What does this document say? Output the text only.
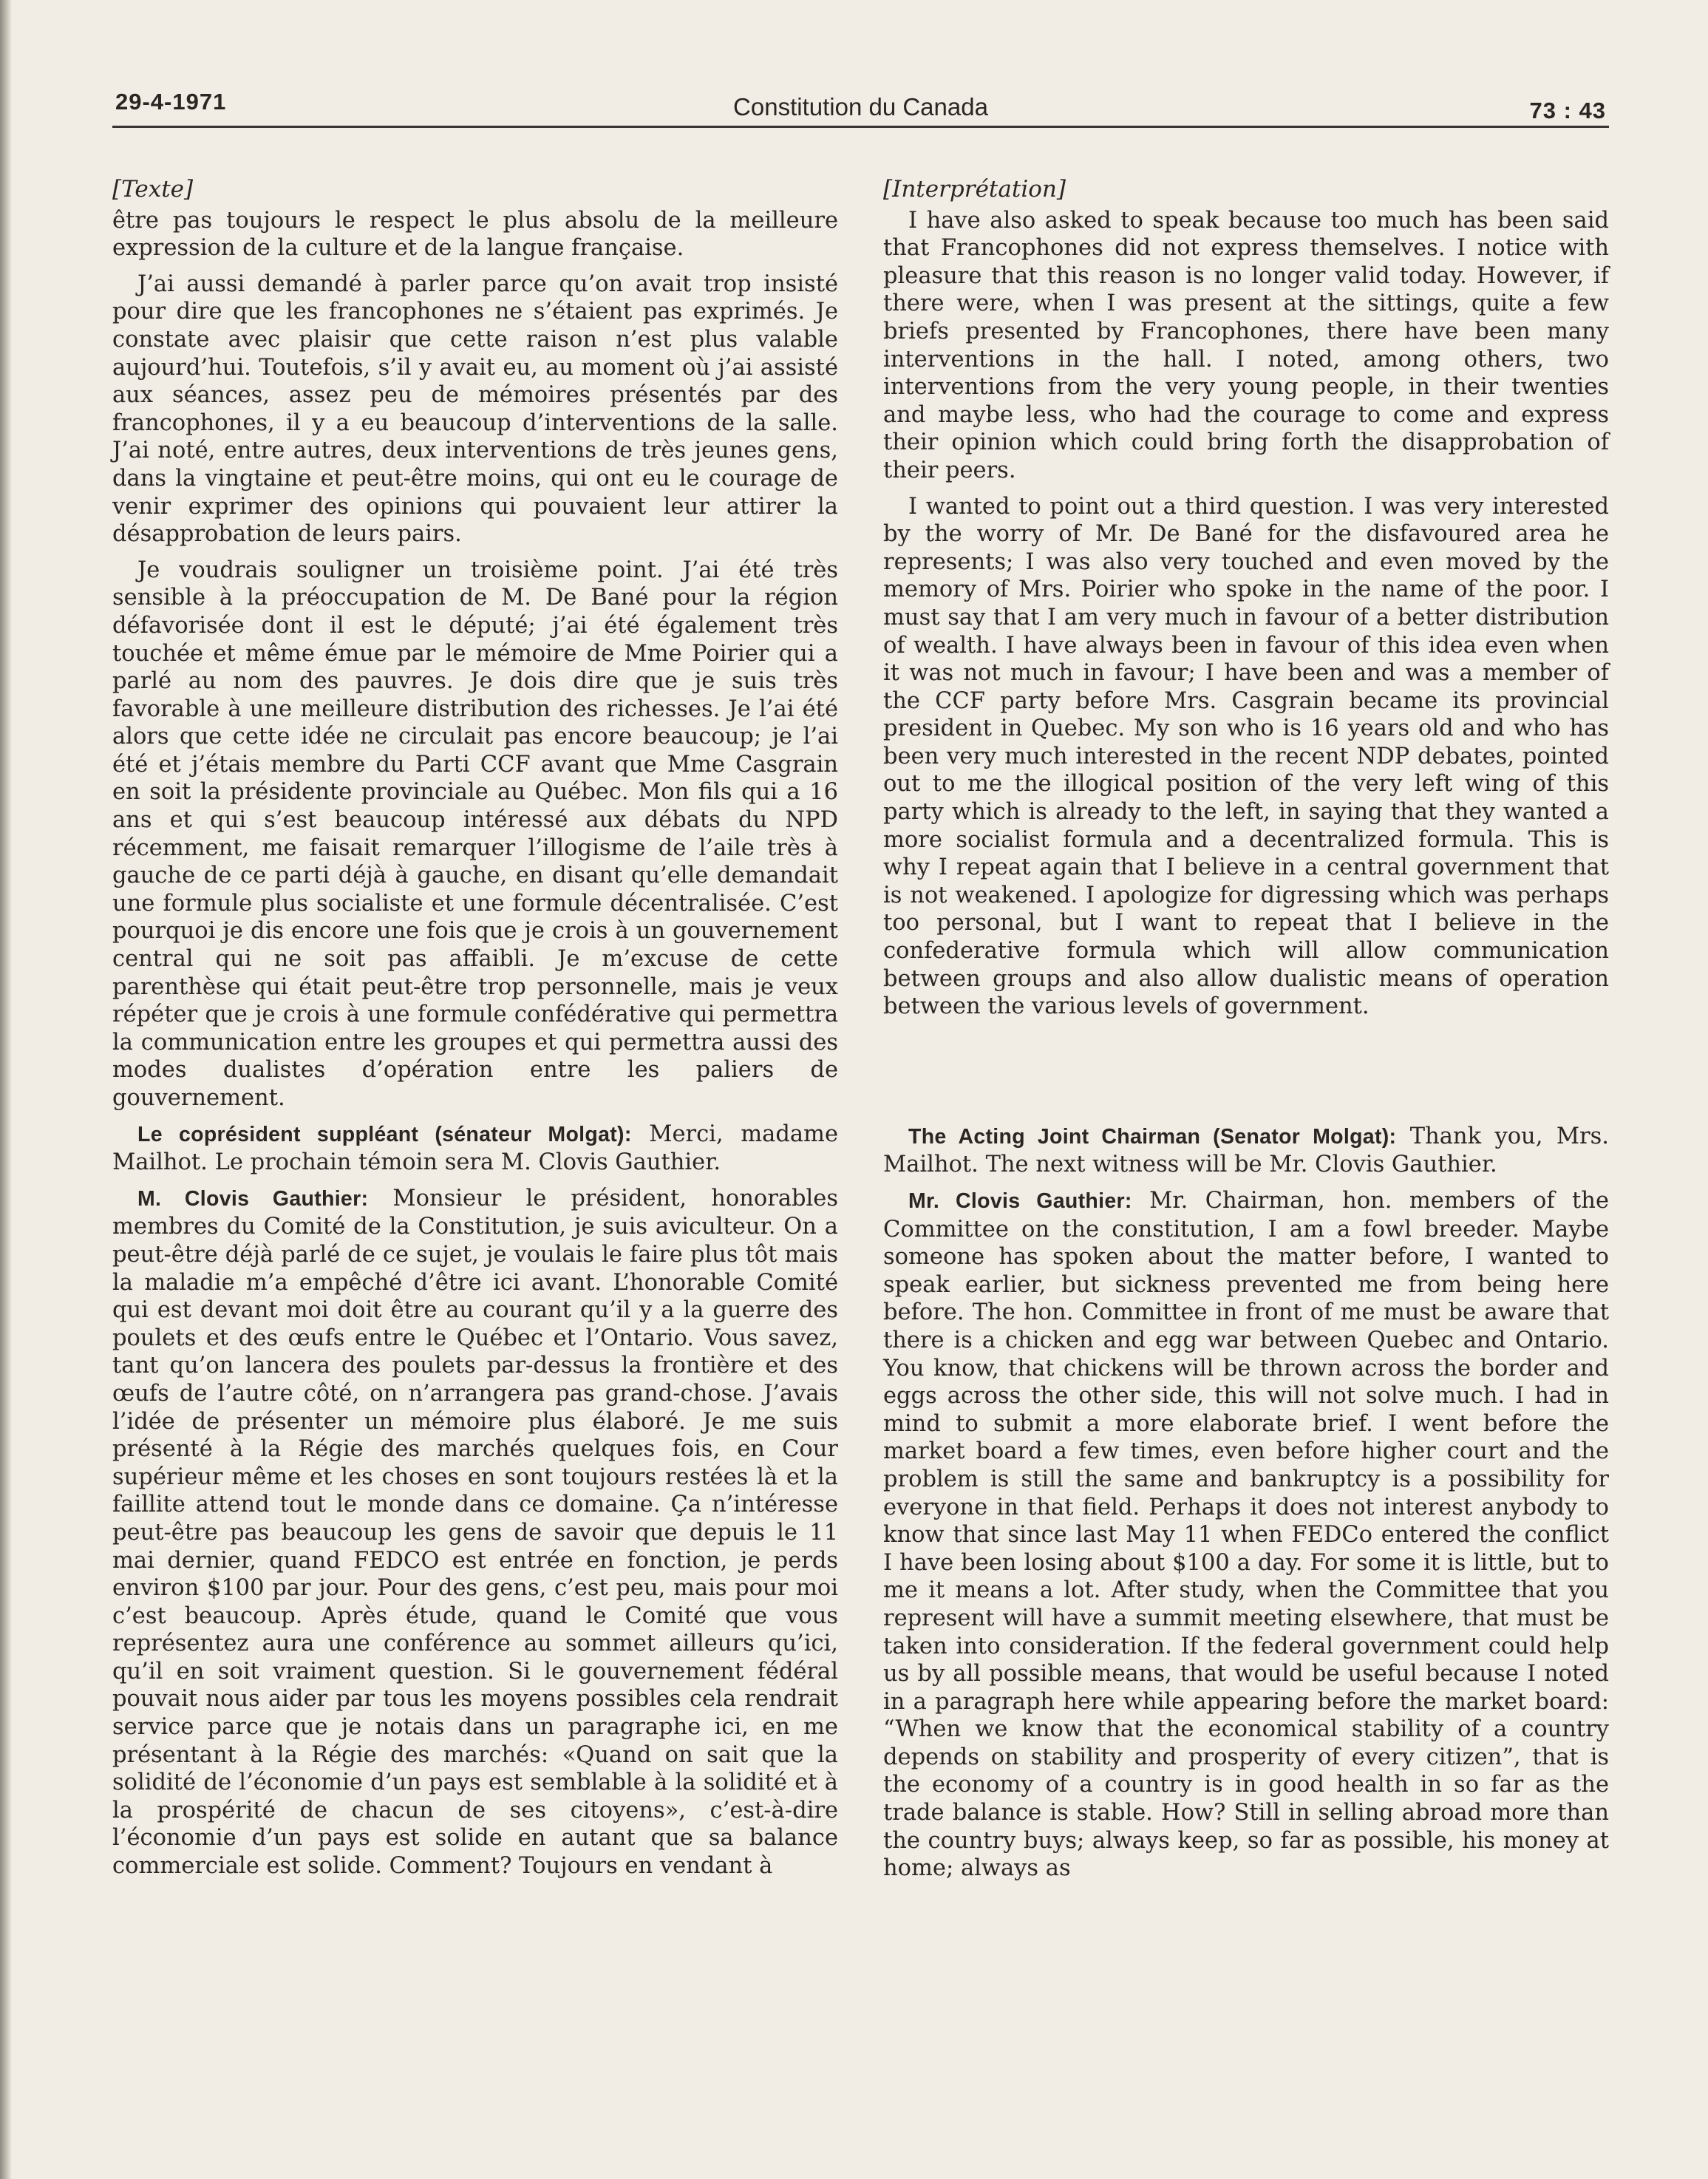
29-4-1971	Constitution du Canada	73 : 43
[Texte]

être pas toujours le respect le plus absolu de la meilleure expression de la culture et de la langue française.

J’ai aussi demandé à parler parce qu’on avait trop insisté pour dire que les francophones ne s’étaient pas exprimés. Je constate avec plaisir que cette raison n’est plus valable aujourd’hui. Toutefois, s’il y avait eu, au moment où j’ai assisté aux séances, assez peu de mémoires présentés par des francophones, il y a eu beaucoup d’interventions de la salle. J’ai noté, entre autres, deux interventions de très jeunes gens, dans la vingtaine et peut-être moins, qui ont eu le courage de venir exprimer des opinions qui pouvaient leur attirer la désapprobation de leurs pairs.

Je voudrais souligner un troisième point. J’ai été très sensible à la préoccupation de M. De Bané pour la région défavorisée dont il est le député; j’ai été également très touchée et même émue par le mémoire de Mme Poirier qui a parlé au nom des pauvres. Je dois dire que je suis très favorable à une meilleure distribution des richesses. Je l’ai été alors que cette idée ne circulait pas encore beaucoup; je l’ai été et j’étais membre du Parti CCF avant que Mme Casgrain en soit la présidente provinciale au Québec. Mon fils qui a 16 ans et qui s’est beaucoup intéressé aux débats du NPD récemment, me faisait remarquer l’illogisme de l’aile très à gauche de ce parti déjà à gauche, en disant qu’elle demandait une formule plus socialiste et une formule décentralisée. C’est pourquoi je dis encore une fois que je crois à un gouvernement central qui ne soit pas affaibli. Je m’excuse de cette parenthèse qui était peut-être trop personnelle, mais je veux répéter que je crois à une formule confédérative qui permettra la communication entre les groupes et qui permettra aussi des modes dualistes d’opération entre les paliers de gouvernement.

Le coprésident suppléant (sénateur Molgat): Merci, madame Mailhot. Le prochain témoin sera M. Clovis Gauthier.

M. Clovis Gauthier: Monsieur le président, honorables membres du Comité de la Constitution, je suis aviculteur. On a peut-être déjà parlé de ce sujet, je voulais le faire plus tôt mais la maladie m’a empêché d’être ici avant. L’honorable Comité qui est devant moi doit être au courant qu’il y a la guerre des poulets et des œufs entre le Québec et l’Ontario. Vous savez, tant qu’on lancera des poulets par-dessus la frontière et des œufs de l’autre côté, on n’arrangera pas grand-chose. J’avais l’idée de présenter un mémoire plus élaboré. Je me suis présenté à la Régie des marchés quelques fois, en Cour supérieur même et les choses en sont toujours restées là et la faillite attend tout le monde dans ce domaine. Ça n’intéresse peut-être pas beaucoup les gens de savoir que depuis le 11 mai dernier, quand FEDCO est entrée en fonction, je perds environ $100 par jour. Pour des gens, c’est peu, mais pour moi c’est beaucoup. Après étude, quand le Comité que vous représentez aura une conférence au sommet ailleurs qu’ici, qu’il en soit vraiment question. Si le gouvernement fédéral pouvait nous aider par tous les moyens possibles cela rendrait service parce que je notais dans un paragraphe ici, en me présentant à la Régie des marchés: «Quand on sait que la solidité de l’économie d’un pays est semblable à la solidité et à la prospérité de chacun de ses citoyens», c’est-à-dire l’économie d’un pays est solide en autant que sa balance commerciale est solide. Comment? Toujours en vendant à

[Interprétation]

I have also asked to speak because too much has been said that Francophones did not express themselves. I notice with pleasure that this reason is no longer valid today. However, if there were, when I was present at the sittings, quite a few briefs presented by Francophones, there have been many interventions in the hall. I noted, among others, two interventions from the very young people, in their twenties and maybe less, who had the courage to come and express their opinion which could bring forth the disapprobation of their peers.

I wanted to point out a third question. I was very interested by the worry of Mr. De Bané for the disfavoured area he represents; I was also very touched and even moved by the memory of Mrs. Poirier who spoke in the name of the poor. I must say that I am very much in favour of a better distribution of wealth. I have always been in favour of this idea even when it was not much in favour; I have been and was a member of the CCF party before Mrs. Casgrain became its provincial president in Quebec. My son who is 16 years old and who has been very much interested in the recent NDP debates, pointed out to me the illogical position of the very left wing of this party which is already to the left, in saying that they wanted a more socialist formula and a decentralized formula. This is why I repeat again that I believe in a central government that is not weakened. I apologize for digressing which was perhaps too personal, but I want to repeat that I believe in the confederative formula which will allow communication between groups and also allow dualistic means of operation between the various levels of government.

The Acting Joint Chairman (Senator Molgat): Thank you, Mrs. Mailhot. The next witness will be Mr. Clovis Gauthier.

Mr. Clovis Gauthier: Mr. Chairman, hon. members of the Committee on the constitution, I am a fowl breeder. Maybe someone has spoken about the matter before, I wanted to speak earlier, but sickness prevented me from being here before. The hon. Committee in front of me must be aware that there is a chicken and egg war between Quebec and Ontario. You know, that chickens will be thrown across the border and eggs across the other side, this will not solve much. I had in mind to submit a more elaborate brief. I went before the market board a few times, even before higher court and the problem is still the same and bankruptcy is a possibility for everyone in that field. Perhaps it does not interest anybody to know that since last May 11 when FEDCo entered the conflict I have been losing about $100 a day. For some it is little, but to me it means a lot. After study, when the Committee that you represent will have a summit meeting elsewhere, that must be taken into consideration. If the federal government could help us by all possible means, that would be useful because I noted in a paragraph here while appearing before the market board: “When we know that the economical stability of a country depends on stability and prosperity of every citizen”, that is the economy of a country is in good health in so far as the trade balance is stable. How? Still in selling abroad more than the country buys; always keep, so far as possible, his money at home; always as
